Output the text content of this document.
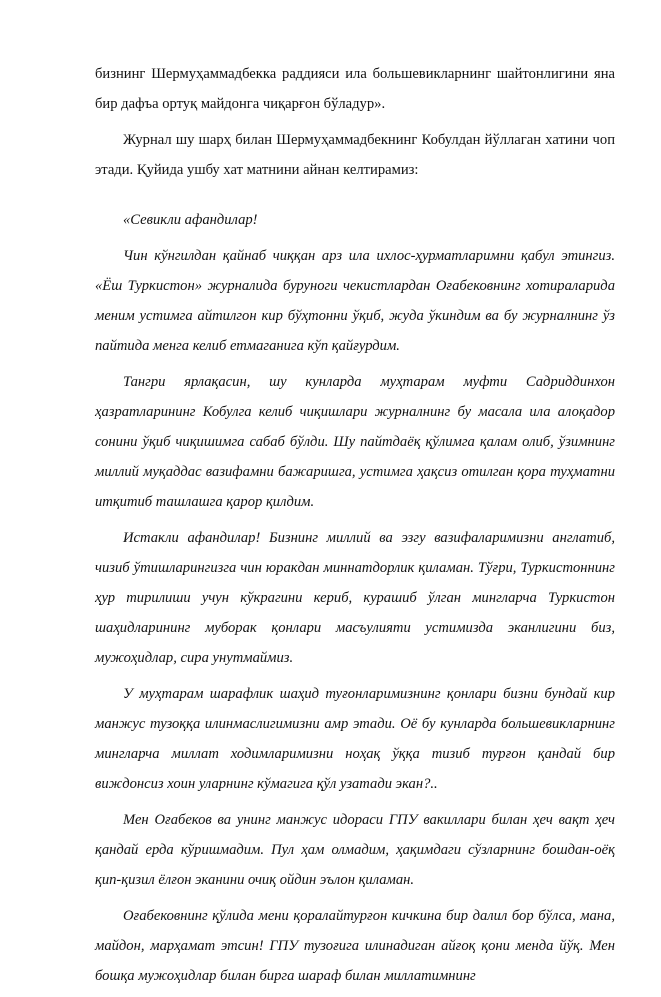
бизнинг Шермуҳаммадбекка раддияси ила большевикларнинг шайтонлигини яна бир дафъа ортуқ майдонга чиқарғон бўладур».

Журнал шу шарҳ билан Шермуҳаммадбекнинг Кобулдан йўллаган хатини чоп этади. Қуйида ушбу хат матнини айнан келтирамиз:

«Севикли афандилар!

Чин кўнгилдан қайнаб чиққан арз ила ихлос-ҳурматларимни қабул этингиз. «Ёш Туркистон» журналида буруноги чекистлардан Оғабековнинг хотираларида меним устимга айтилгон кир бўҳтонни ўқиб, жуда ўкиндим ва бу журналнинг ўз пайтида менга келиб етмаганига кўп қайғурдим.

Тангри ярлақасин, шу кунларда муҳтарам муфти Садриддинхон ҳазратларининг Кобулга келиб чиқишлари журналнинг бу масала ила алоқадор сонини ўқиб чиқишимга сабаб бўлди. Шу пайтдаёқ қўлимга қалам олиб, ўзимнинг миллий муқаддас вазифамни бажаришга, устимга ҳақсиз отилган қора туҳматни итқитиб ташлашга қарор қилдим.

Истакли афандилар! Бизнинг миллий ва эзгу вазифаларимизни англатиб, чизиб ўтишларингизга чин юракдан миннатдорлик қиламан. Тўғри, Туркистоннинг ҳур тирилиши учун кўкрагини кериб, курашиб ўлган мингларча Туркистон шаҳидларининг муборак қонлари масъулияти устимизда эканлигини биз, мужоҳидлар, сира унутмаймиз.

У муҳтарам шарафлик шаҳид туғонларимизнинг қонлари бизни бундай кир манжус тузоққа илинмаслигимизни амр этади. Оё бу кунларда большевикларнинг мингларча миллат ходимларимизни ноҳақ ўққа тизиб турғон қандай бир виждонсиз хоин уларнинг кўмагига қўл узатади экан?..

Мен Оғабеков ва унинг манжус идораси ГПУ вакиллари билан ҳеч вақт ҳеч қандай ерда кўришмадим. Пул ҳам олмадим, ҳақимдаги сўзларнинг бошдан-оёқ қип-қизил ёлғон эканини очиқ ойдин эълон қиламан.

Оғабековнинг қўлида мени қоралайтурғон кичкина бир далил бор бўлса, мана, майдон, марҳамат этсин! ГПУ тузоғига илинадиган айғоқ қони менда йўқ. Мен бошқа мужоҳидлар билан бирга шараф билан миллатимнинг
